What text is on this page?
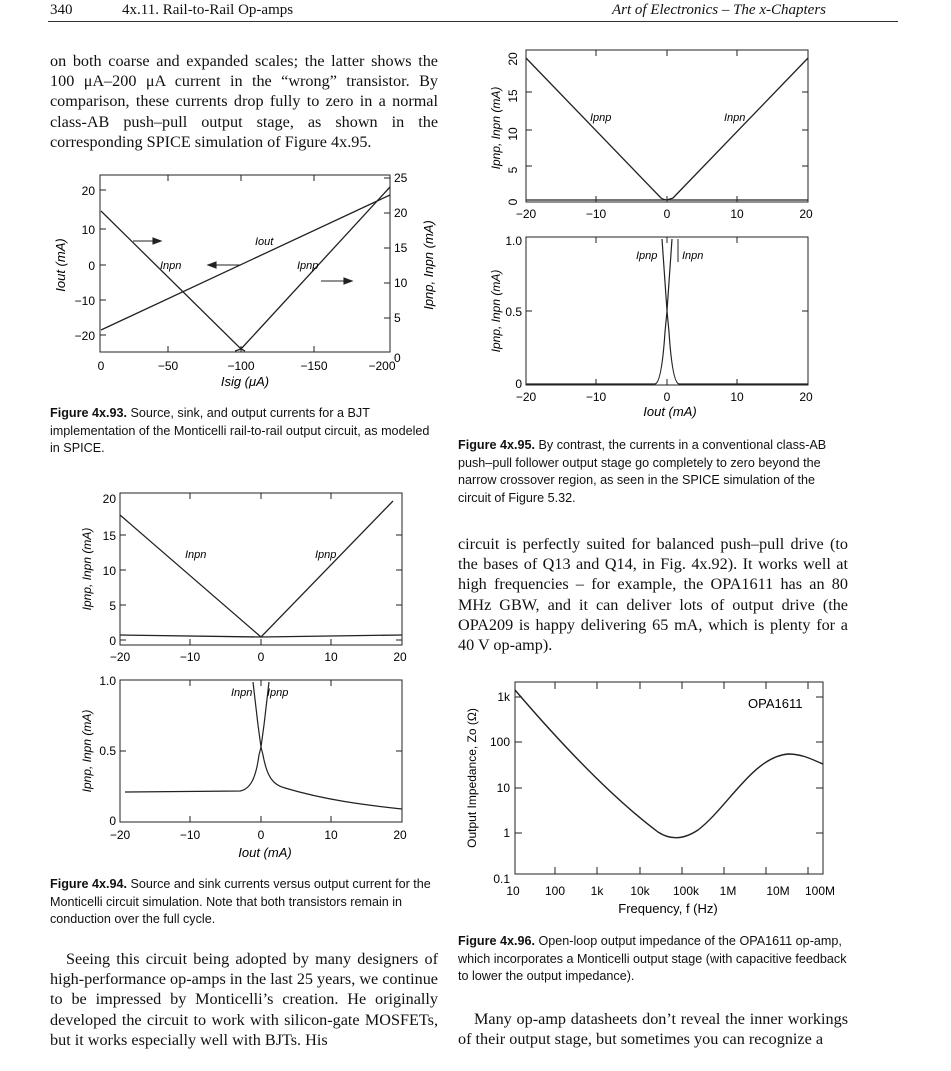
340	4x.11. Rail-to-Rail Op-amps	Art of Electronics – The x-Chapters
on both coarse and expanded scales; the latter shows the 100 μA–200 μA current in the “wrong” transistor. By comparison, these currents drop fully to zero in a normal class-AB push–pull output stage, as shown in the corresponding SPICE simulation of Figure 4x.95.
20
10
0
−10
−20
25
20
15
10
5
0
0	−50	−100	−150	−200
Isig (μA)
Iout (mA)	Ipnp, Inpn (mA)
Iout
Inpn	Ipnp
Figure 4x.93. Source, sink, and output currents for a BJT implementation of the Monticelli rail-to-rail output circuit, as modeled in SPICE.
20
15
10
5
0
−20	−10	0	10	20
Ipnp, Inpn (mA)	Inpn	Ipnp
1.0
0.5
0
−20	−10	0	10	20
Ipnp, Inpn (mA)
Iout (mA)
Inpn Ipnp
Figure 4x.94. Source and sink currents versus output current for the Monticelli circuit simulation. Note that both transistors remain in conduction over the full cycle.
Seeing this circuit being adopted by many designers of high-performance op-amps in the last 25 years, we continue to be impressed by Monticelli’s creation. He originally developed the circuit to work with silicon-gate MOSFETs, but it works especially well with BJTs. His
20
15
10
5
0
−20	−10	0	10	20
Ipnp, Inpn (mA)	Ipnp	Inpn
1.0
0.5
0
−20	−10	0	10	20
Ipnp, Inpn (mA)
Iout (mA)
Ipnp Inpn
Figure 4x.95. By contrast, the currents in a conventional class-AB push–pull follower output stage go completely to zero beyond the narrow crossover region, as seen in the SPICE simulation of the circuit of Figure 5.32.
circuit is perfectly suited for balanced push–pull drive (to the bases of Q13 and Q14, in Fig. 4x.92). It works well at high frequencies – for example, the OPA1611 has an 80 MHz GBW, and it can deliver lots of output drive (the OPA209 is happy delivering 65 mA, which is plenty for a 40 V op-amp).
1k
100
10
1
0.1
10 100 1k 10k 100k 1M 10M 100M
Frequency, f (Hz)
Output Impedance, Zo (Ω)
OPA1611
Figure 4x.96. Open-loop output impedance of the OPA1611 op-amp, which incorporates a Monticelli output stage (with capacitive feedback to lower the output impedance).
Many op-amp datasheets don’t reveal the inner workings of their output stage, but sometimes you can recognize a
